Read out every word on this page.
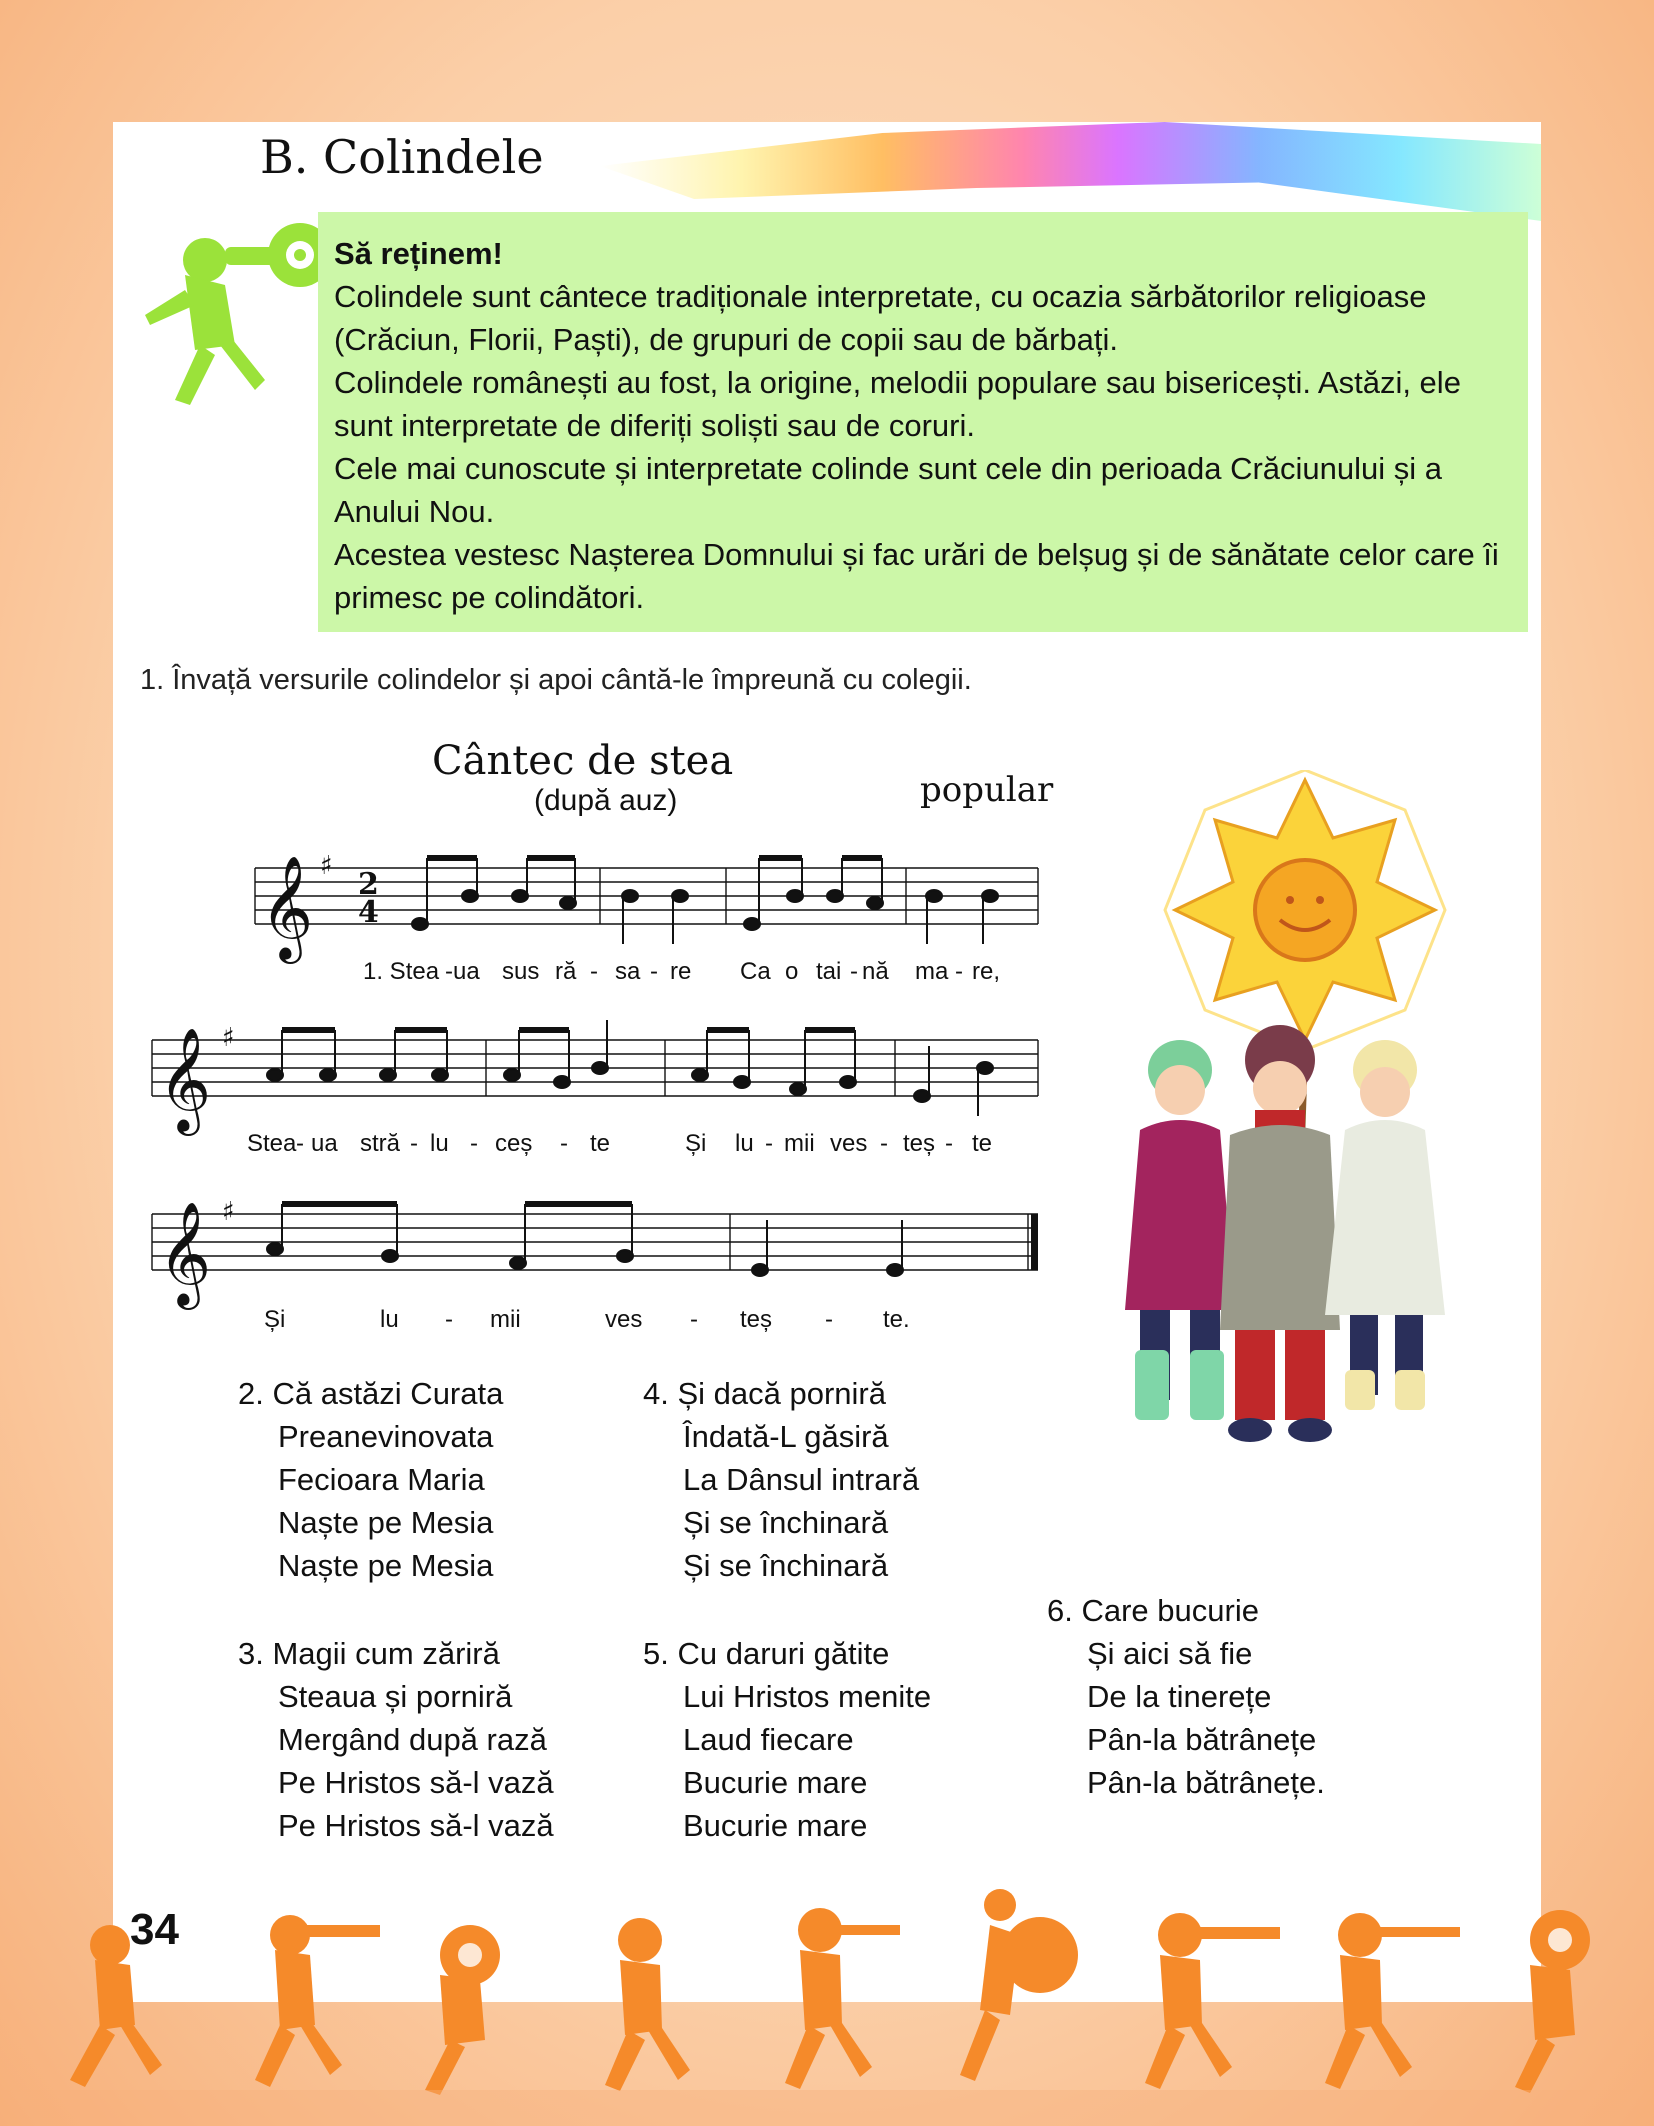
B. Colindele

Să reținem!

Colindele sunt cântece tradiționale interpretate, cu ocazia sărbătorilor religioase (Crăciun, Florii, Paști), de grupuri de copii sau de bărbați.

Colindele românești au fost, la origine, melodii populare sau bisericești. Astăzi, ele sunt interpretate de diferiți soliști sau de coruri.

Cele mai cunoscute și interpretate colinde sunt cele din perioada Crăciunului și a Anului Nou.

Acestea vestesc Nașterea Domnului și fac urări de belșug și de sănătate celor care îi primesc pe colindători.

1. Învață versurile colindelor și apoi cântă-le împreună cu colegii.
Cântec de stea
(după auz)	popular
𝄞 ♯
2
4
𝄞 ♯
𝄞 ♯
1. Stea -ua sus ră - sa - re Ca o tai - nă ma - re,
Stea - ua stră - lu - ceș - te	Și lu - mii ves - teș - te
Și	lu - mii	ves - teș - te.
2. Că astăzi Curata
Preanevinovata
Fecioara Maria
Naște pe Mesia
Naște pe Mesia
3. Magii cum zăriră
Steaua și porniră
Mergând după rază
Pe Hristos să-l vază
Pe Hristos să-l vază
4. Și dacă porniră
Îndată-L găsiră
La Dânsul intrară
Și se închinară
Și se închinară
5. Cu daruri gătite
Lui Hristos menite
Laud fiecare
Bucurie mare
Bucurie mare
6. Care bucurie
Și aici să fie
De la tinerețe
Pân-la bătrânețe
Pân-la bătrânețe.
34
